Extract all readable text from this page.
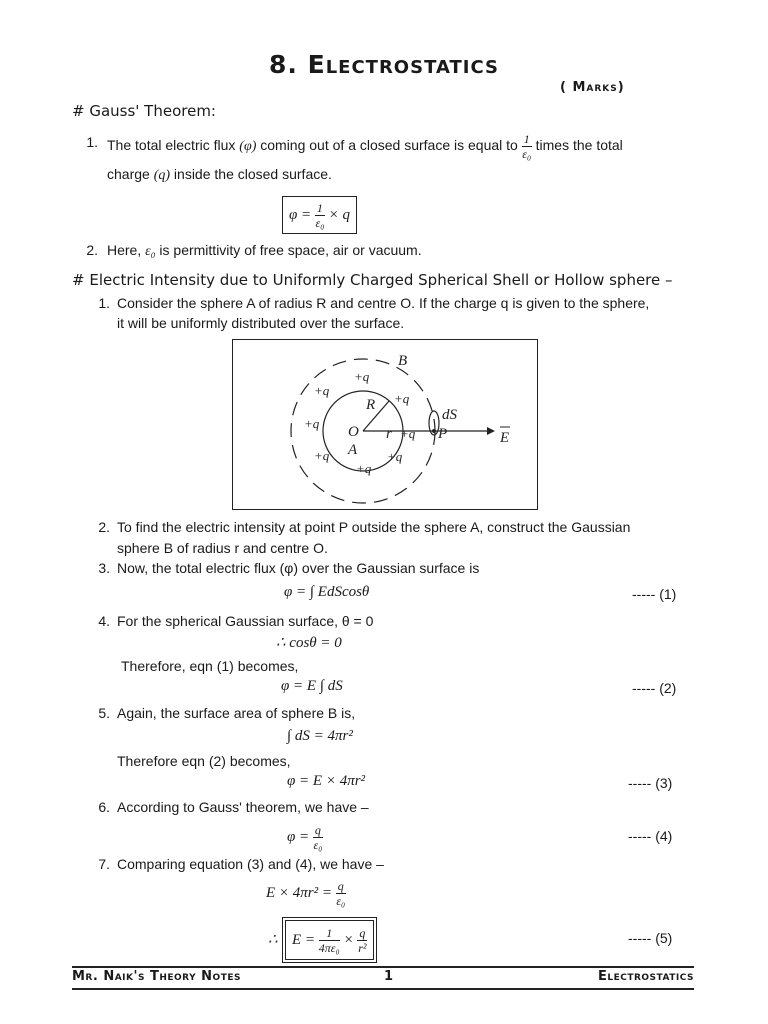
8. Electrostatics
( Marks)
# Gauss' Theorem:
1. The total electric flux (φ) coming out of a closed surface is equal to $\frac{1}{\text{ε₀}}$ times the total
charge (q) inside the closed surface.
$\varphi = \frac{1}{\text{ε₀}} \times q$
2. Here, ε₀ is permittivity of free space, air or vacuum.
# Electric Intensity due to Uniformly Charged Spherical Shell or Hollow sphere –
1. Consider the sphere A of radius R and centre O. If the charge q is given to the sphere,
it will be uniformly distributed over the surface.
B
O
A
R
r
dS
P	E
+q
+q
+q
+q
+q
+q	+q
+q
2. To find the electric intensity at point P outside the sphere A, construct the Gaussian
sphere B of radius r and centre O.
3. Now, the total electric flux (φ) over the Gaussian surface is
φ = ∫ EdScosθ	----- (1)
4. For the spherical Gaussian surface, θ = 0
∴ cosθ = 0
Therefore, eqn (1) becomes,
φ = E ∫ dS	----- (2)
5. Again, the surface area of sphere B is,
∫ dS = 4πr²
Therefore eqn (2) becomes,
φ = E × 4πr²	----- (3)
6. According to Gauss' theorem, we have –
$\varphi = \frac{q}{\text{ε₀}}$	----- (4)
7. Comparing equation (3) and (4), we have –
$E \times 4\pi r^2 = \frac{q}{\text{ε₀}}$
∴ $E = \frac{1}{\text{4πε₀}} \times \frac{q}{\text{r²}}$	----- (5)
Mr. Naik's Theory Notes	1	Electrostatics
